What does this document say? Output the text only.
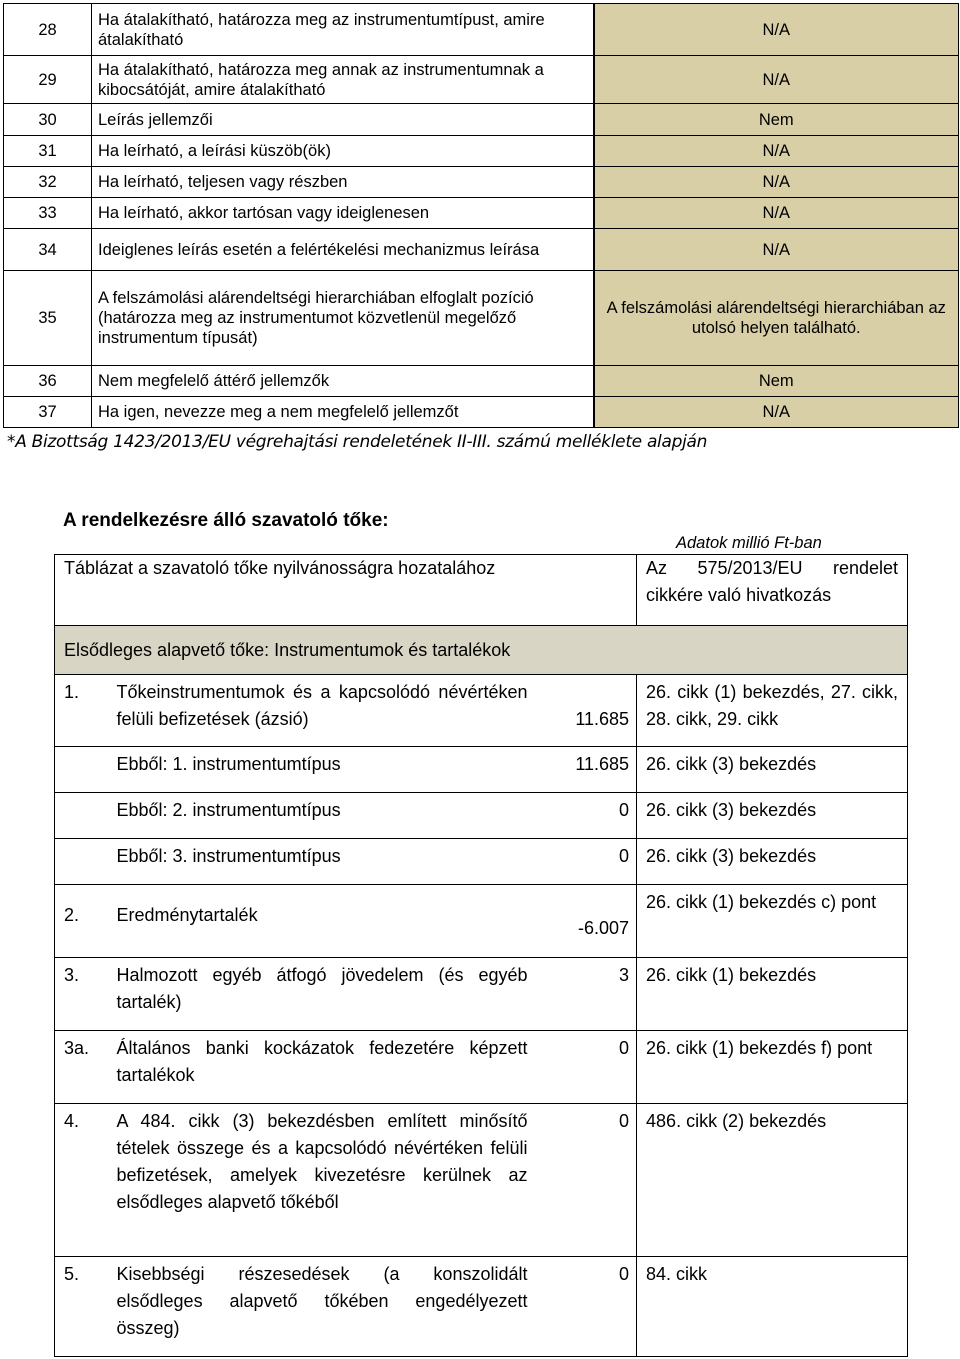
28	Ha átalakítható, határozza meg az instrumentumtípust, amire átalakítható	N/A
29	Ha átalakítható, határozza meg annak az instrumentumnak a kibocsátóját, amire átalakítható	N/A
30	Leírás jellemzői	Nem
31	Ha leírható, a leírási küszöb(ök)	N/A
32	Ha leírható, teljesen vagy részben	N/A
33	Ha leírható, akkor tartósan vagy ideiglenesen	N/A
34	Ideiglenes leírás esetén a felértékelési mechanizmus leírása	N/A
35	A felszámolási alárendeltségi hierarchiában elfoglalt pozíció (határozza meg az instrumentumot közvetlenül megelőző instrumentum típusát)	A felszámolási alárendeltségi hierarchiában az utolsó helyen található.
36	Nem megfelelő áttérő jellemzők	Nem
37	Ha igen, nevezze meg a nem megfelelő jellemzőt	N/A
*A Bizottság 1423/2013/EU végrehajtási rendeletének II-III. számú melléklete alapján
A rendelkezésre álló szavatoló tőke:
Adatok millió Ft-ban
Táblázat a szavatoló tőke nyilvánosságra hozatalához			Az 575/2013/EU rendelet cikkére való hivatkozás
Elsődleges alapvető tőke: Instrumentumok és tartalékok			
1.	Tőkeinstrumentumok és a kapcsolódó névértéken felüli befizetések (ázsió)	11.685	26. cikk (1) bekezdés, 27. cikk, 28. cikk, 29. cikk
	Ebből: 1. instrumentumtípus	11.685	26. cikk (3) bekezdés
	Ebből: 2. instrumentumtípus	0	26. cikk (3) bekezdés
	Ebből: 3. instrumentumtípus	0	26. cikk (3) bekezdés
2.	Eredménytartalék	-6.007	26. cikk (1) bekezdés c) pont
3.	Halmozott egyéb átfogó jövedelem (és egyéb tartalék)	3	26. cikk (1) bekezdés
3a.	Általános banki kockázatok fedezetére képzett tartalékok	0	26. cikk (1) bekezdés f) pont
4.	A 484. cikk (3) bekezdésben említett minősítő tételek összege és a kapcsolódó névértéken felüli befizetések, amelyek kivezetésre kerülnek az elsődleges alapvető tőkéből	0	486. cikk (2) bekezdés
5.	Kisebbségi részesedések (a konszolidált elsődleges alapvető tőkében engedélyezett összeg)	0	84. cikk
